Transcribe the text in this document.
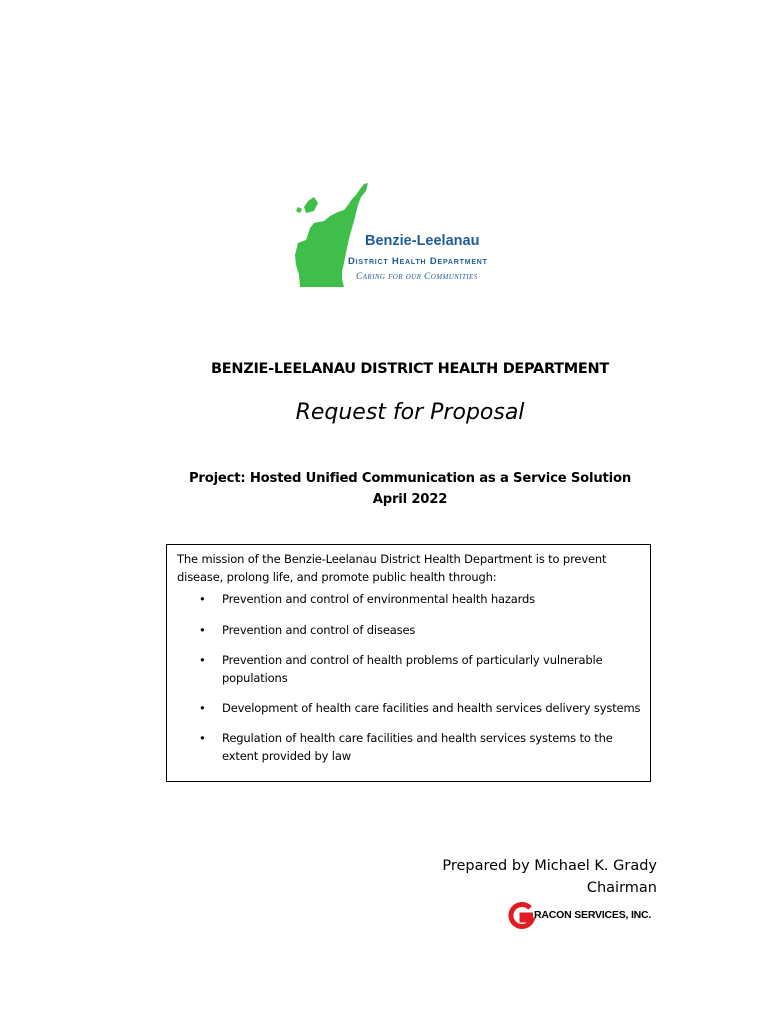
Benzie-Leelanau
District Health Department
Caring for our Communities
BENZIE-LEELANAU DISTRICT HEALTH DEPARTMENT
Request for Proposal
Project: Hosted Unified Communication as a Service Solution
April 2022
The mission of the Benzie-Leelanau District Health Department is to prevent disease, prolong life, and promote public health through:
• Prevention and control of environmental health hazards
• Prevention and control of diseases
• Prevention and control of health problems of particularly vulnerable populations
• Development of health care facilities and health services delivery systems
• Regulation of health care facilities and health services systems to the extent provided by law
Prepared by Michael K. Grady
Chairman
RACON SERVICES, INC.
